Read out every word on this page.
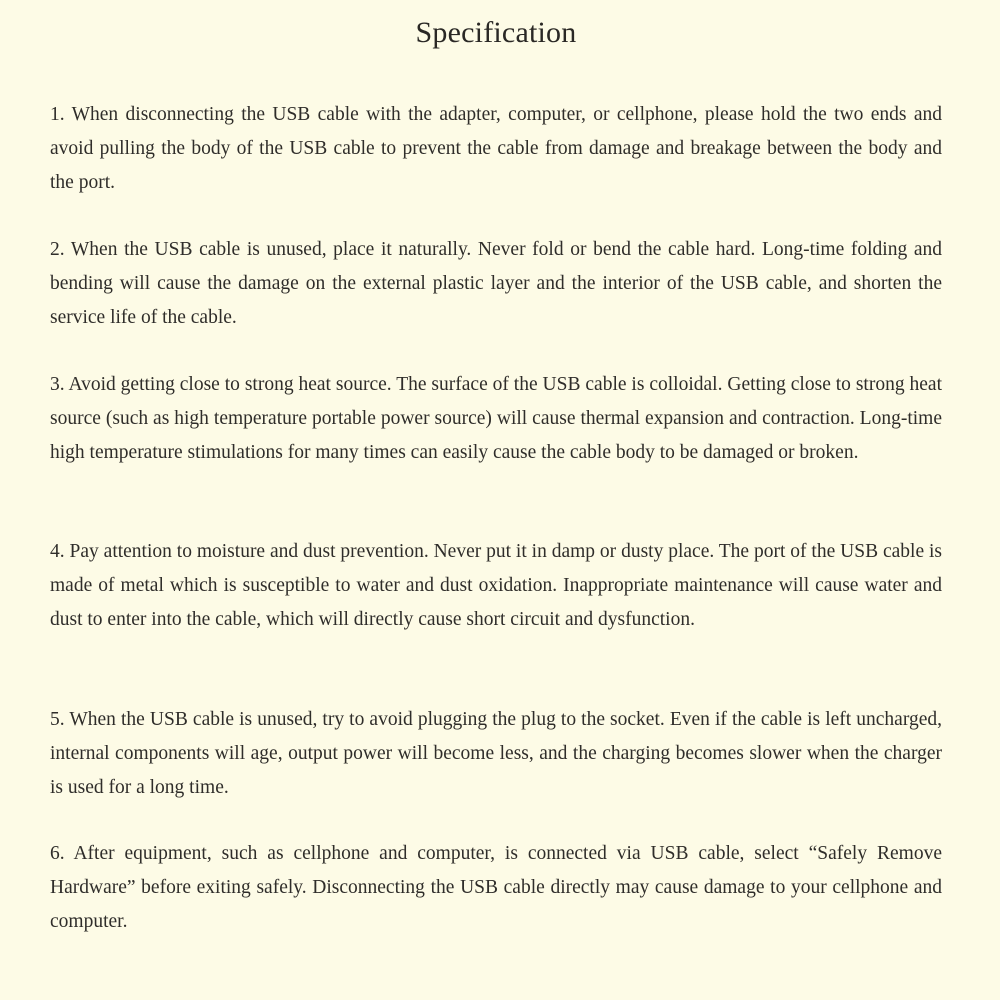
Specification
1. When disconnecting the USB cable with the adapter, computer, or cellphone, please hold the two ends and avoid pulling the body of the USB cable to prevent the cable from damage and breakage between the body and the port.
2. When the USB cable is unused, place it naturally. Never fold or bend the cable hard. Long-time folding and bending will cause the damage on the external plastic layer and the interior of the USB cable, and shorten the service life of the cable.
3. Avoid getting close to strong heat source. The surface of the USB cable is colloidal. Getting close to strong heat source (such as high temperature portable power source) will cause thermal expansion and contraction. Long-time high temperature stimulations for many times can easily cause the cable body to be damaged or broken.
4. Pay attention to moisture and dust prevention. Never put it in damp or dusty place. The port of the USB cable is made of metal which is susceptible to water and dust oxidation. Inappropriate maintenance will cause water and dust to enter into the cable, which will directly cause short circuit and dysfunction.
5. When the USB cable is unused, try to avoid plugging the plug to the socket. Even if the cable is left uncharged, internal components will age, output power will become less, and the charging becomes slower when the charger is used for a long time.
6. After equipment, such as cellphone and computer, is connected via USB cable, select “Safely Remove Hardware” before exiting safely. Disconnecting the USB cable directly may cause damage to your cellphone and computer.
